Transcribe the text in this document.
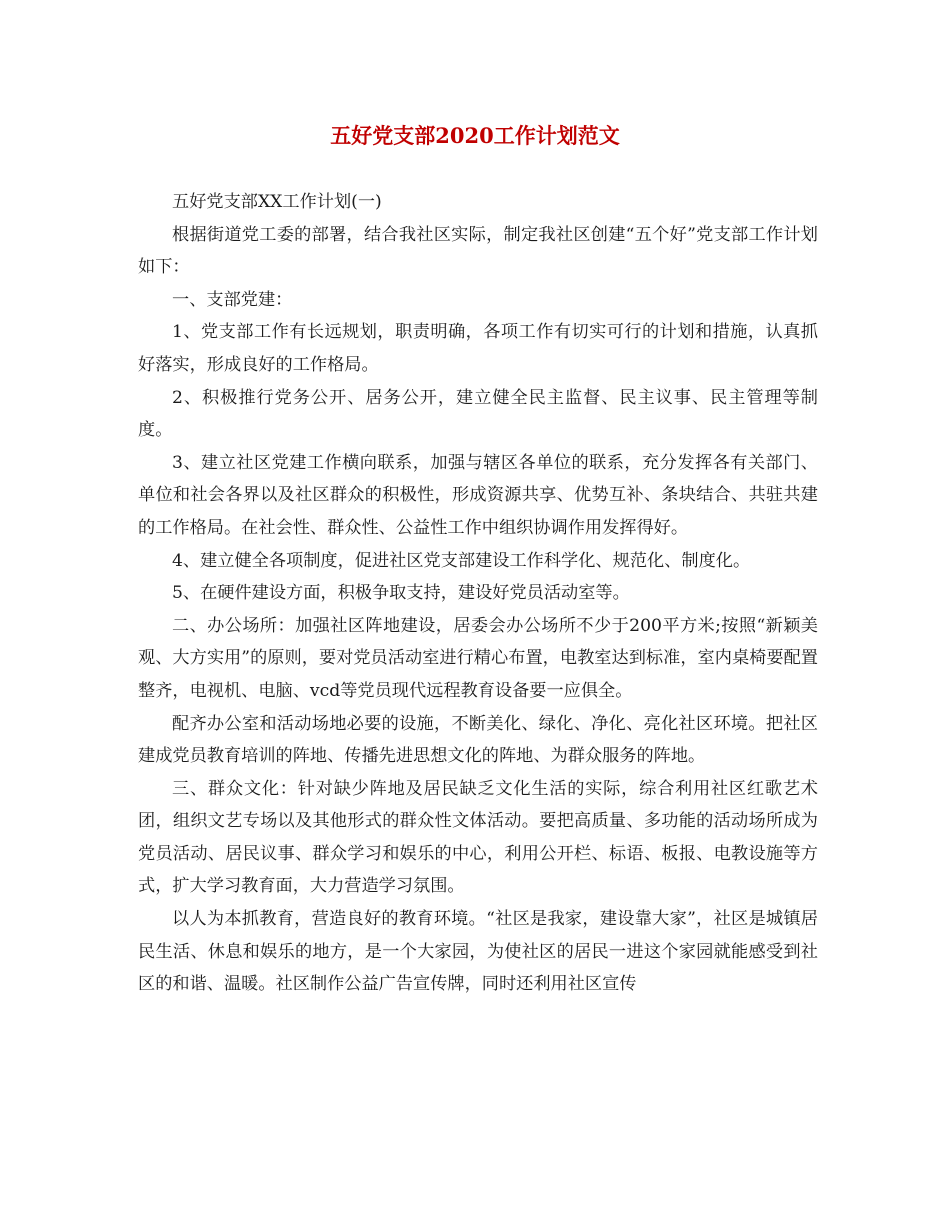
五好党支部2020工作计划范文

五好党支部XX工作计划(一)

根据街道党工委的部署，结合我社区实际，制定我社区创建“五个好”党支部工作计划如下：

一、支部党建：

1、党支部工作有长远规划，职责明确，各项工作有切实可行的计划和措施，认真抓好落实，形成良好的工作格局。

2、积极推行党务公开、居务公开，建立健全民主监督、民主议事、民主管理等制度。

3、建立社区党建工作横向联系，加强与辖区各单位的联系，充分发挥各有关部门、单位和社会各界以及社区群众的积极性，形成资源共享、优势互补、条块结合、共驻共建的工作格局。在社会性、群众性、公益性工作中组织协调作用发挥得好。

4、建立健全各项制度，促进社区党支部建设工作科学化、规范化、制度化。

5、在硬件建设方面，积极争取支持，建设好党员活动室等。

二、办公场所：加强社区阵地建设，居委会办公场所不少于200平方米;按照“新颖美观、大方实用”的原则，要对党员活动室进行精心布置，电教室达到标准，室内桌椅要配置整齐，电视机、电脑、vcd等党员现代远程教育设备要一应俱全。

配齐办公室和活动场地必要的设施，不断美化、绿化、净化、亮化社区环境。把社区建成党员教育培训的阵地、传播先进思想文化的阵地、为群众服务的阵地。

三、群众文化：针对缺少阵地及居民缺乏文化生活的实际，综合利用社区红歌艺术团，组织文艺专场以及其他形式的群众性文体活动。要把高质量、多功能的活动场所成为党员活动、居民议事、群众学习和娱乐的中心，利用公开栏、标语、板报、电教设施等方式，扩大学习教育面，大力营造学习氛围。

以人为本抓教育，营造良好的教育环境。“社区是我家，建设靠大家”，社区是城镇居民生活、休息和娱乐的地方，是一个大家园，为使社区的居民一进这个家园就能感受到社区的和谐、温暖。社区制作公益广告宣传牌，同时还利用社区宣传
